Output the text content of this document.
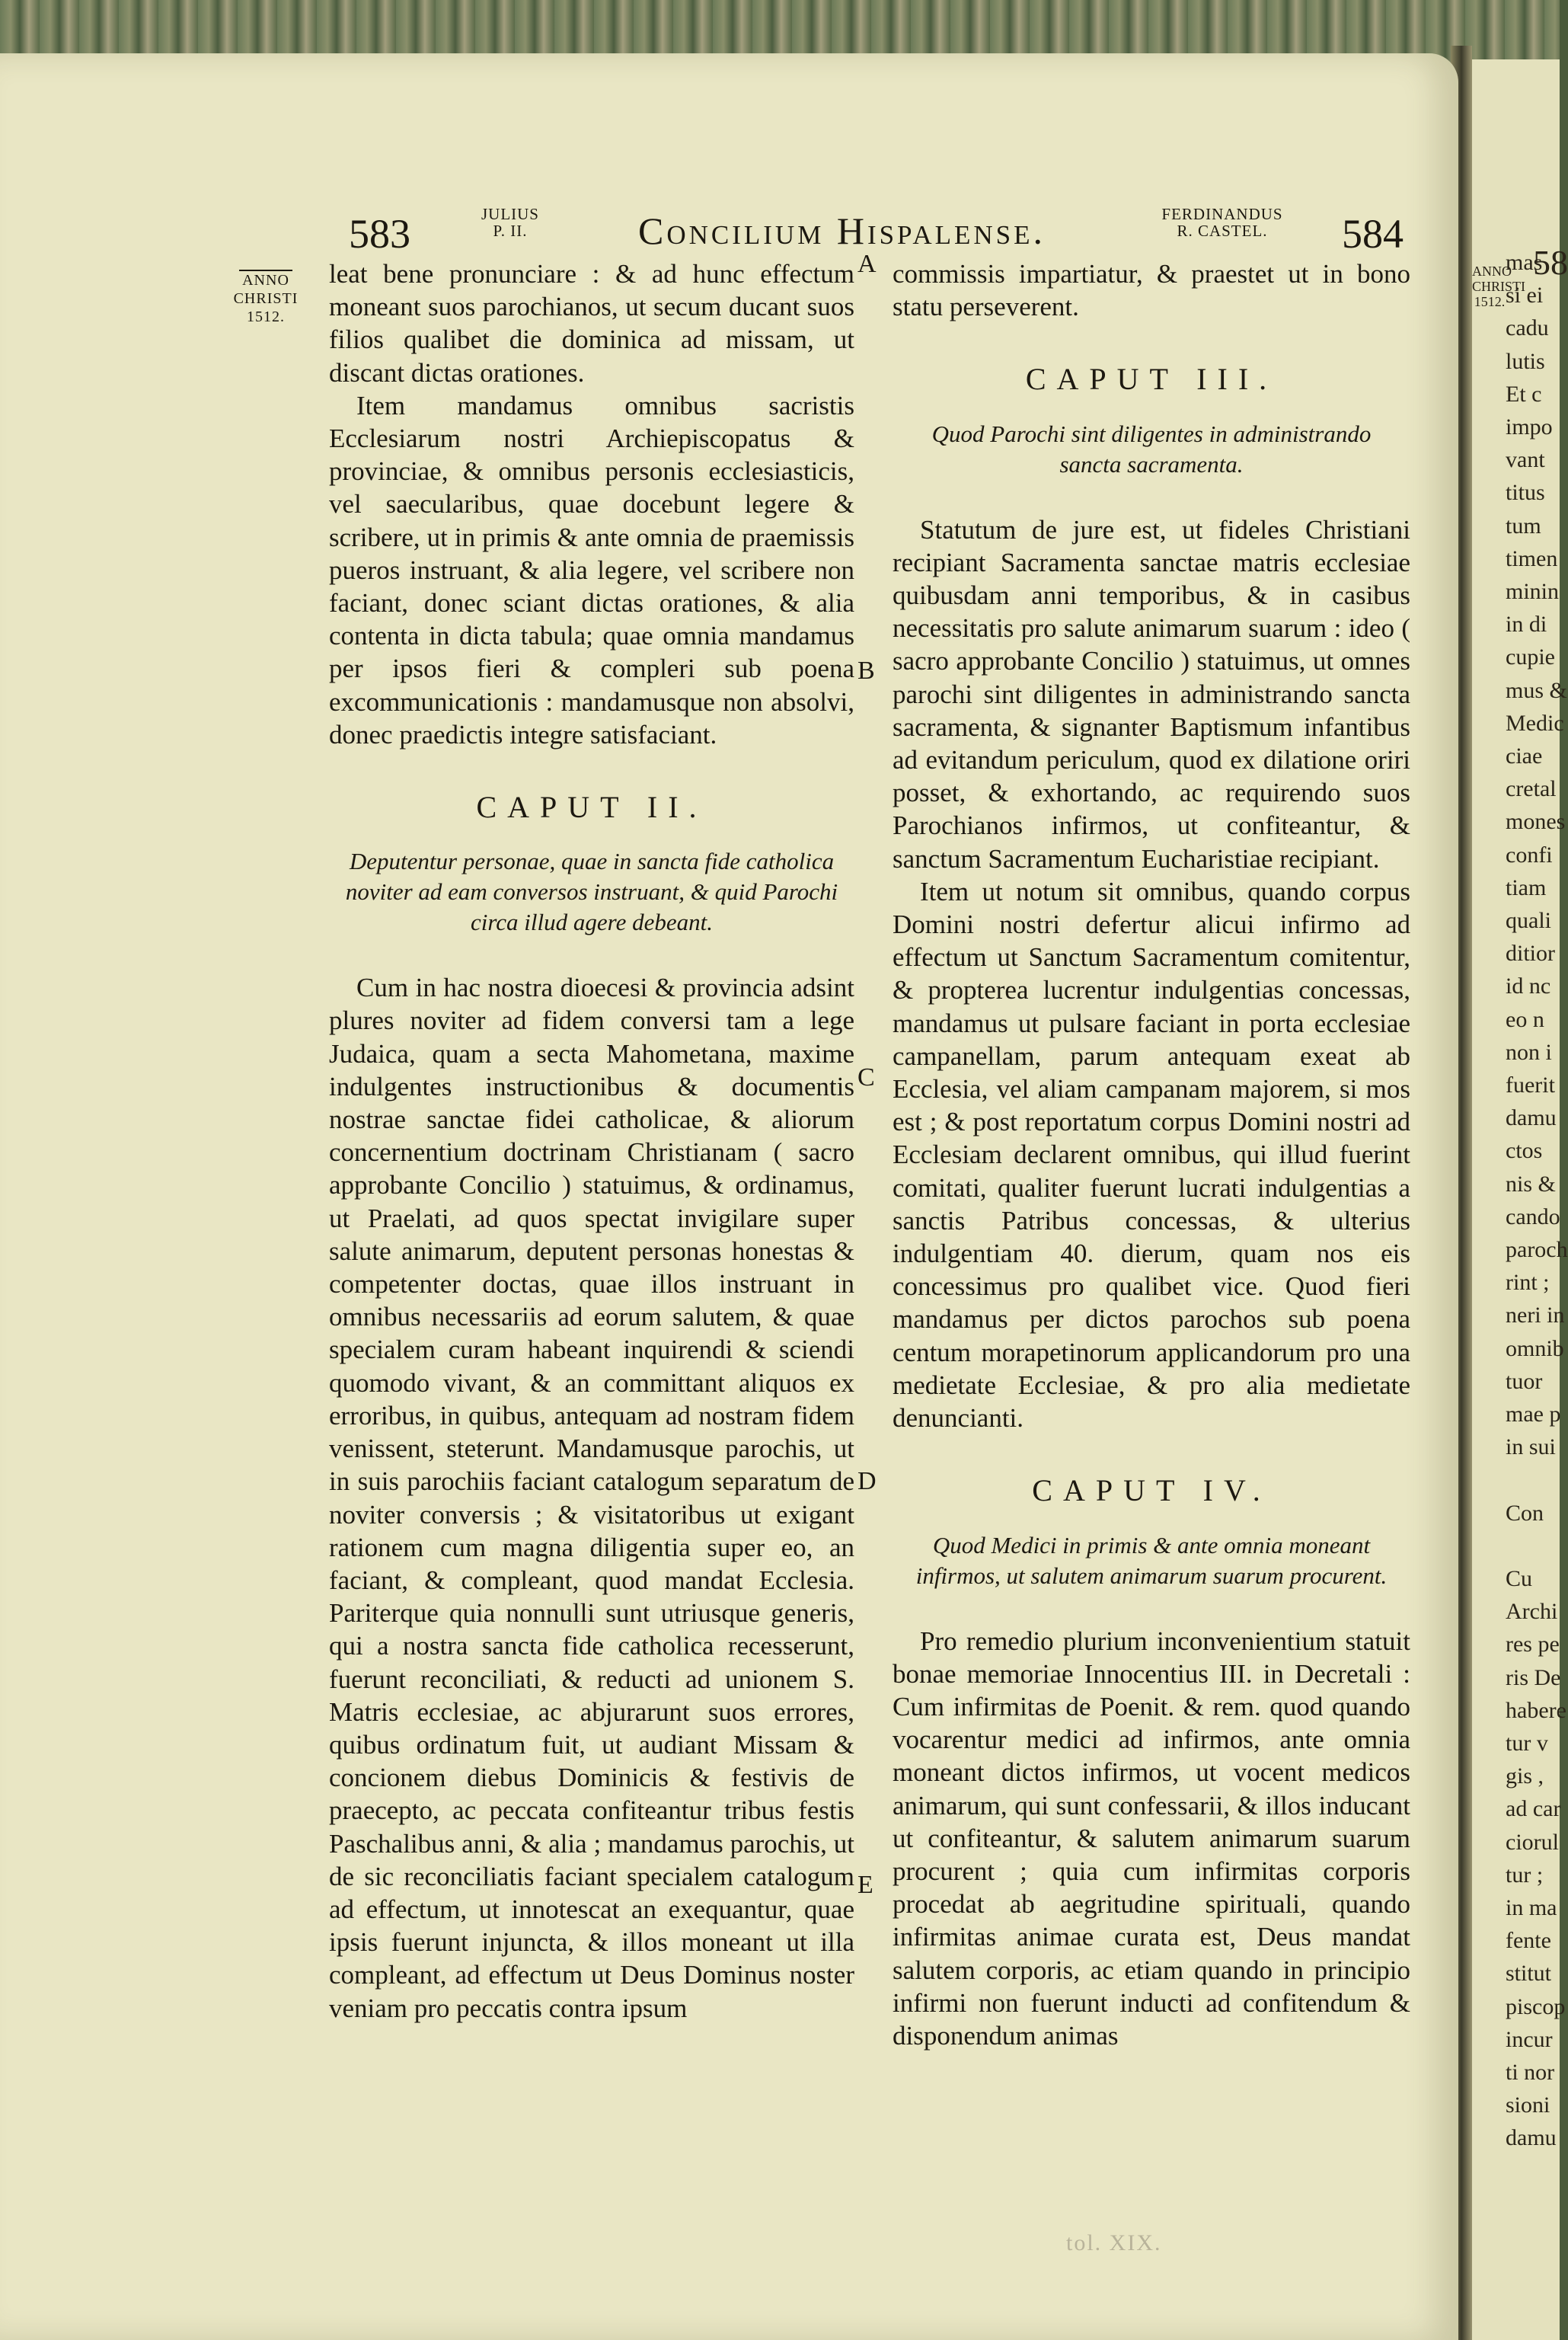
58
ANNO
CHRISTI
1512.
mas
si ei
cadu
lutis
Et c
impo
vant
titus
tum
timen
minin
in di
cupie
mus &
Medic
ciae
cretal
mones
confi
tiam
quali
ditior
id nc
eo n
non i
fuerit
damu
ctos
nis &
cando
paroch
rint ;
neri in
omnib
tuor
mae p
in sui
Con
Cu
Archi
res pe
ris De
habere
tur v
gis ,
ad car
ciorul
tur ;
in ma
fente
stitut
piscop
incur
ti nor
sioni
damu
583	JULIUS
P. II.	Concilium Hispalense.	FERDINANDUS
R. CASTEL.	584
ANNO
CHRISTI
1512.
A
B
C
D
E

leat bene pronunciare : & ad hunc effectum moneant suos parochianos, ut secum ducant suos filios qualibet die dominica ad missam, ut discant dictas orationes.

Item mandamus omnibus sacristis Ecclesiarum nostri Archiepiscopatus & provinciae, & omnibus personis ecclesiasticis, vel saecularibus, quae docebunt legere & scribere, ut in primis & ante omnia de praemissis pueros instruant, & alia legere, vel scribere non faciant, donec sciant dictas orationes, & alia contenta in dicta tabula; quae omnia mandamus per ipsos fieri & compleri sub poena excommunicationis : mandamusque non absolvi, donec praedictis integre satisfaciant.

CAPUT II.

Deputentur personae, quae in sancta fide catholica noviter ad eam conversos instruant, & quid Parochi circa illud agere debeant.

Cum in hac nostra dioecesi & provincia adsint plures noviter ad fidem conversi tam a lege Judaica, quam a secta Mahometana, maxime indulgentes instructionibus & documentis nostrae sanctae fidei catholicae, & aliorum concernentium doctrinam Christianam ( sacro approbante Concilio ) statuimus, & ordinamus, ut Praelati, ad quos spectat invigilare super salute animarum, deputent personas honestas & competenter doctas, quae illos instruant in omnibus necessariis ad eorum salutem, & quae specialem curam habeant inquirendi & sciendi quomodo vivant, & an committant aliquos ex erroribus, in quibus, antequam ad nostram fidem venissent, steterunt. Mandamusque parochis, ut in suis parochiis faciant catalogum separatum de noviter conversis ; & visitatoribus ut exigant rationem cum magna diligentia super eo, an faciant, & compleant, quod mandat Ecclesia. Pariterque quia nonnulli sunt utriusque generis, qui a nostra sancta fide catholica recesserunt, fuerunt reconciliati, & reducti ad unionem S. Matris ecclesiae, ac abjurarunt suos errores, quibus ordinatum fuit, ut audiant Missam & concionem diebus Dominicis & festivis de praecepto, ac peccata confiteantur tribus festis Paschalibus anni, & alia ; mandamus parochis, ut de sic reconciliatis faciant specialem catalogum ad effectum, ut innotescat an exequantur, quae ipsis fuerunt injuncta, & illos moneant ut illa compleant, ad effectum ut Deus Dominus noster veniam pro peccatis contra ipsum

commissis impartiatur, & praestet ut in bono statu perseverent.

CAPUT III.

Quod Parochi sint diligentes in administrando sancta sacramenta.

Statutum de jure est, ut fideles Christiani recipiant Sacramenta sanctae matris ecclesiae quibusdam anni temporibus, & in casibus necessitatis pro salute animarum suarum : ideo ( sacro approbante Concilio ) statuimus, ut omnes parochi sint diligentes in administrando sancta sacramenta, & signanter Baptismum infantibus ad evitandum periculum, quod ex dilatione oriri posset, & exhortando, ac requirendo suos Parochianos infirmos, ut confiteantur, & sanctum Sacramentum Eucharistiae recipiant.

Item ut notum sit omnibus, quando corpus Domini nostri defertur alicui infirmo ad effectum ut Sanctum Sacramentum comitentur, & propterea lucrentur indulgentias concessas, mandamus ut pulsare faciant in porta ecclesiae campanellam, parum antequam exeat ab Ecclesia, vel aliam campanam majorem, si mos est ; & post reportatum corpus Domini nostri ad Ecclesiam declarent omnibus, qui illud fuerint comitati, qualiter fuerunt lucrati indulgentias a sanctis Patribus concessas, & ulterius indulgentiam 40. dierum, quam nos eis concessimus pro qualibet vice. Quod fieri mandamus per dictos parochos sub poena centum morapetinorum applicandorum pro una medietate Ecclesiae, & pro alia medietate denuncianti.

CAPUT IV.

Quod Medici in primis & ante omnia moneant infirmos, ut salutem animarum suarum procurent.

Pro remedio plurium inconvenientium statuit bonae memoriae Innocentius III. in Decretali : Cum infirmitas de Poenit. & rem. quod quando vocarentur medici ad infirmos, ante omnia moneant dictos infirmos, ut vocent medicos animarum, qui sunt confessarii, & illos inducant ut confiteantur, & salutem animarum suarum procurent ; quia cum infirmitas corporis procedat ab aegritudine spirituali, quando infirmitas animae curata est, Deus mandat salutem corporis, ac etiam quando in principio infirmi non fuerunt inducti ad confitendum & disponendum animas

tol. XIX.
